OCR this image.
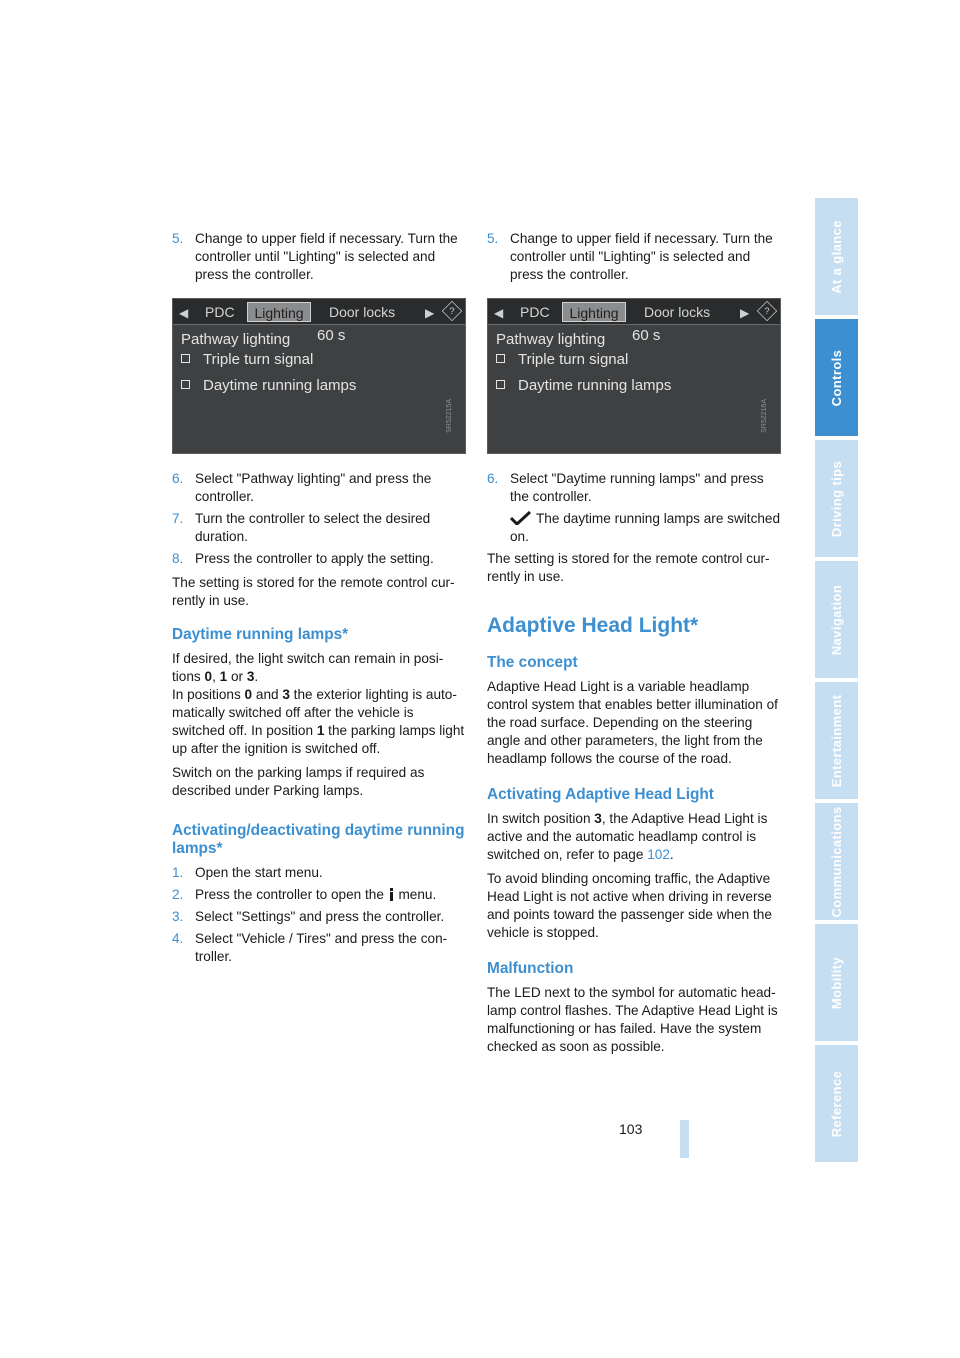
5. Change to upper field if necessary. Turn the controller until "Lighting" is selected and press the controller.
◀ PDC	Lighting	Door locks ▶ ?
Pathway lighting 60 s
Triple turn signal
Daytime running lamps
SR52215A
6. Select "Pathway lighting" and press the controller.
7. Turn the controller to select the desired duration.
8. Press the controller to apply the setting.

The setting is stored for the remote control cur-rently in use.

Daytime running lamps*

If desired, the light switch can remain in posi-tions 0, 1 or 3.
In positions 0 and 3 the exterior lighting is auto-matically switched off after the vehicle is switched off. In position 1 the parking lamps light up after the ignition is switched off.

Switch on the parking lamps if required as described under Parking lamps.

Activating/deactivating daytime running lamps*
1. Open the start menu.
2. Press the controller to open the  menu.
3. Select "Settings" and press the controller.
4. Select "Vehicle / Tires" and press the con-troller.
5. Change to upper field if necessary. Turn the controller until "Lighting" is selected and press the controller.
◀ PDC	Lighting	Door locks ▶ ?
Pathway lighting 60 s
Triple turn signal
Daytime running lamps
SR52216A
6. Select "Daytime running lamps" and press the controller.
The daytime running lamps are switched on.

The setting is stored for the remote control cur-rently in use.

Adaptive Head Light*
The concept

Adaptive Head Light is a variable headlamp control system that enables better illumination of the road surface. Depending on the steering angle and other parameters, the light from the headlamp follows the course of the road.

Activating Adaptive Head Light

In switch position 3, the Adaptive Head Light is active and the automatic headlamp control is switched on, refer to page 102.

To avoid blinding oncoming traffic, the Adaptive Head Light is not active when driving in reverse and points toward the passenger side when the vehicle is stopped.

Malfunction

The LED next to the symbol for automatic head-lamp control flashes. The Adaptive Head Light is malfunctioning or has failed. Have the system checked as soon as possible.

103
At a glance
Controls
Driving tips
Navigation
Entertainment
Communications
Mobility
Reference
